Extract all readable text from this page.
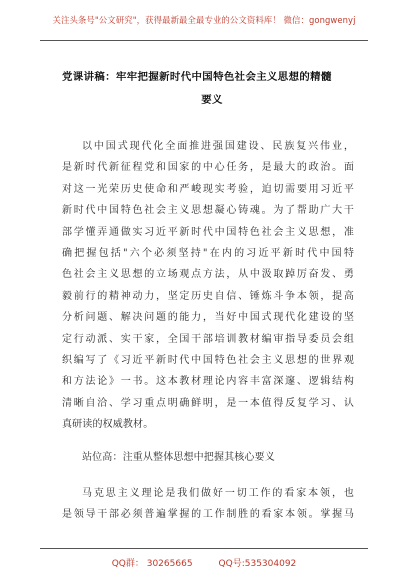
关注头条号"公文研究"，获得最新最全最专业的公文资料库！ 微信：gongwenyj
党课讲稿：牢牢把握新时代中国特色社会主义思想的精髓
要义
以中国式现代化全面推进强国建设、民族复兴伟业，
是新时代新征程党和国家的中心任务，是最大的政治。面
对这一光荣历史使命和严峻现实考验，迫切需要用习近平
新时代中国特色社会主义思想凝心铸魂。为了帮助广大干
部学懂弄通做实习近平新时代中国特色社会主义思想，准
确把握包括"六个必须坚持"在内的习近平新时代中国特
色社会主义思想的立场观点方法，从中汲取踔厉奋发、勇
毅前行的精神动力，坚定历史自信、锤炼斗争本领，提高
分析问题、解决问题的能力，当好中国式现代化建设的坚
定行动派、实干家，全国干部培训教材编审指导委员会组
织编写了《习近平新时代中国特色社会主义思想的世界观
和方法论》一书。这本教材理论内容丰富深邃、逻辑结构
清晰自洽、学习重点明确鲜明，是一本值得反复学习、认
真研读的权威教材。
站位高：注重从整体思想中把握其核心要义
马克思主义理论是我们做好一切工作的看家本领，也
是领导干部必须普遍掌握的工作制胜的看家本领。掌握马
QQ群： 30265665	QQ号:535304092
